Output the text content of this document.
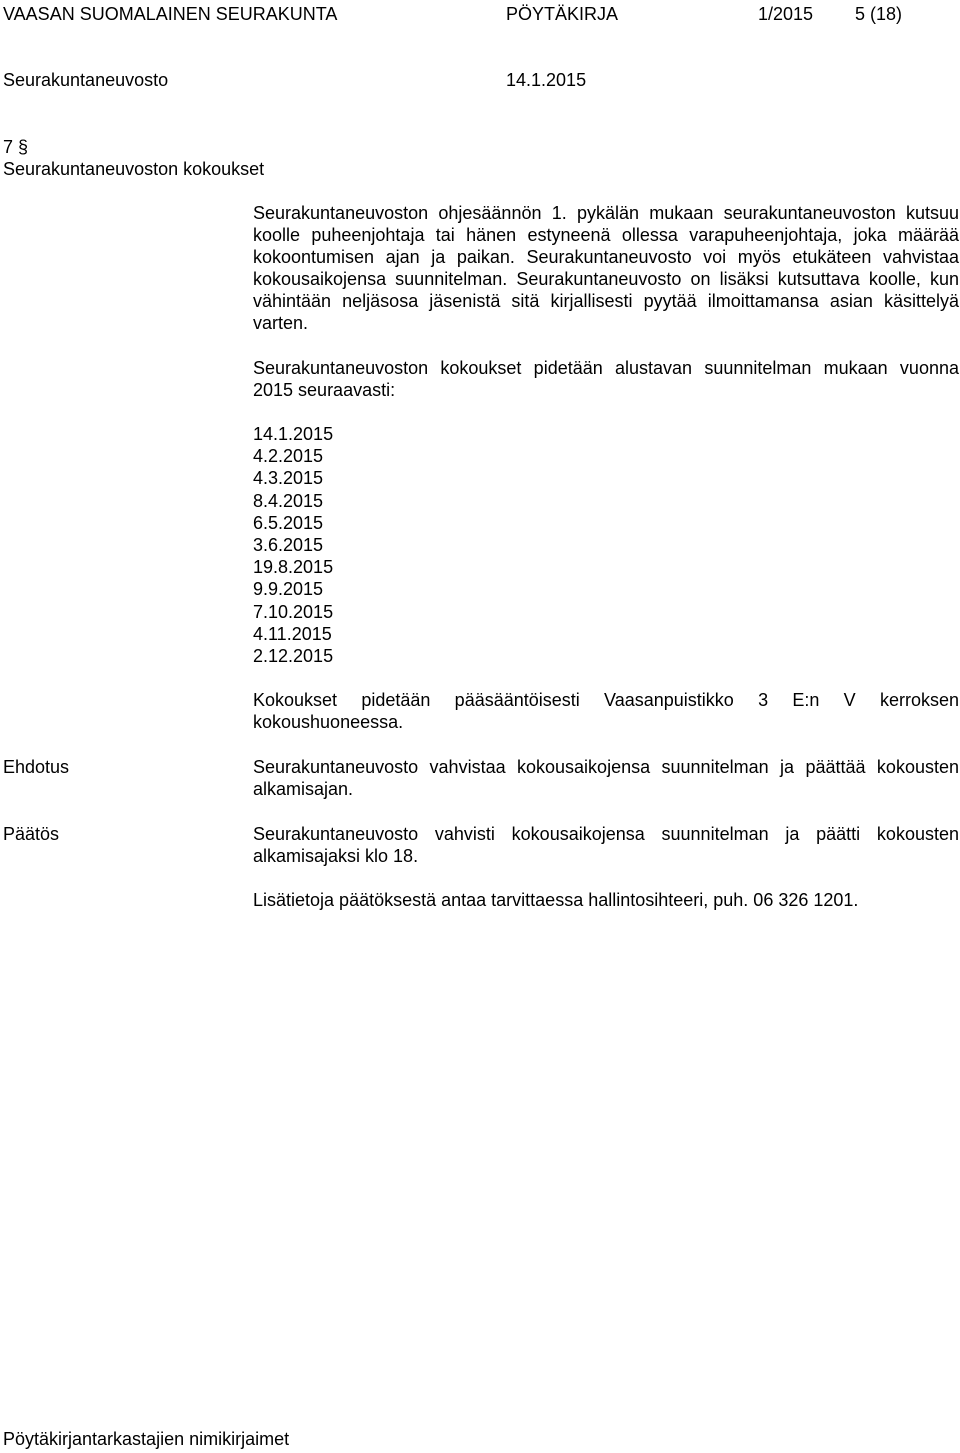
VAASAN SUOMALAINEN SEURAKUNTA	PÖYTÄKIRJA	1/2015 5 (18)
Seurakuntaneuvosto	14.1.2015
7 §
Seurakuntaneuvoston kokoukset

Seurakuntaneuvoston ohjesäännön 1. pykälän mukaan seurakuntaneuvoston kutsuu koolle puheenjohtaja tai hänen estyneenä ollessa varapuheenjohtaja, joka määrää kokoontumisen ajan ja paikan. Seurakuntaneuvosto voi myös etukäteen vahvistaa kokousaikojensa suunnitelman. Seurakuntaneuvosto on lisäksi kutsuttava koolle, kun vähintään neljäsosa jäsenistä sitä kirjallisesti pyytää ilmoittamansa asian käsittelyä varten.

Seurakuntaneuvoston kokoukset pidetään alustavan suunnitelman mukaan vuonna 2015 seuraavasti:

14.1.2015
4.2.2015
4.3.2015
8.4.2015
6.5.2015
3.6.2015
19.8.2015
9.9.2015
7.10.2015
4.11.2015
2.12.2015

Kokoukset pidetään pääsääntöisesti Vaasanpuistikko 3 E:n V kerroksen kokoushuoneessa.

Ehdotus	Seurakuntaneuvosto vahvistaa kokousaikojensa suunnitelman ja päättää kokousten alkamisajan.

Päätös	Seurakuntaneuvosto vahvisti kokousaikojensa suunnitelman ja päätti kokousten alkamisajaksi klo 18.

Lisätietoja päätöksestä antaa tarvittaessa hallintosihteeri, puh. 06 326 1201.
Pöytäkirjantarkastajien nimikirjaimet
